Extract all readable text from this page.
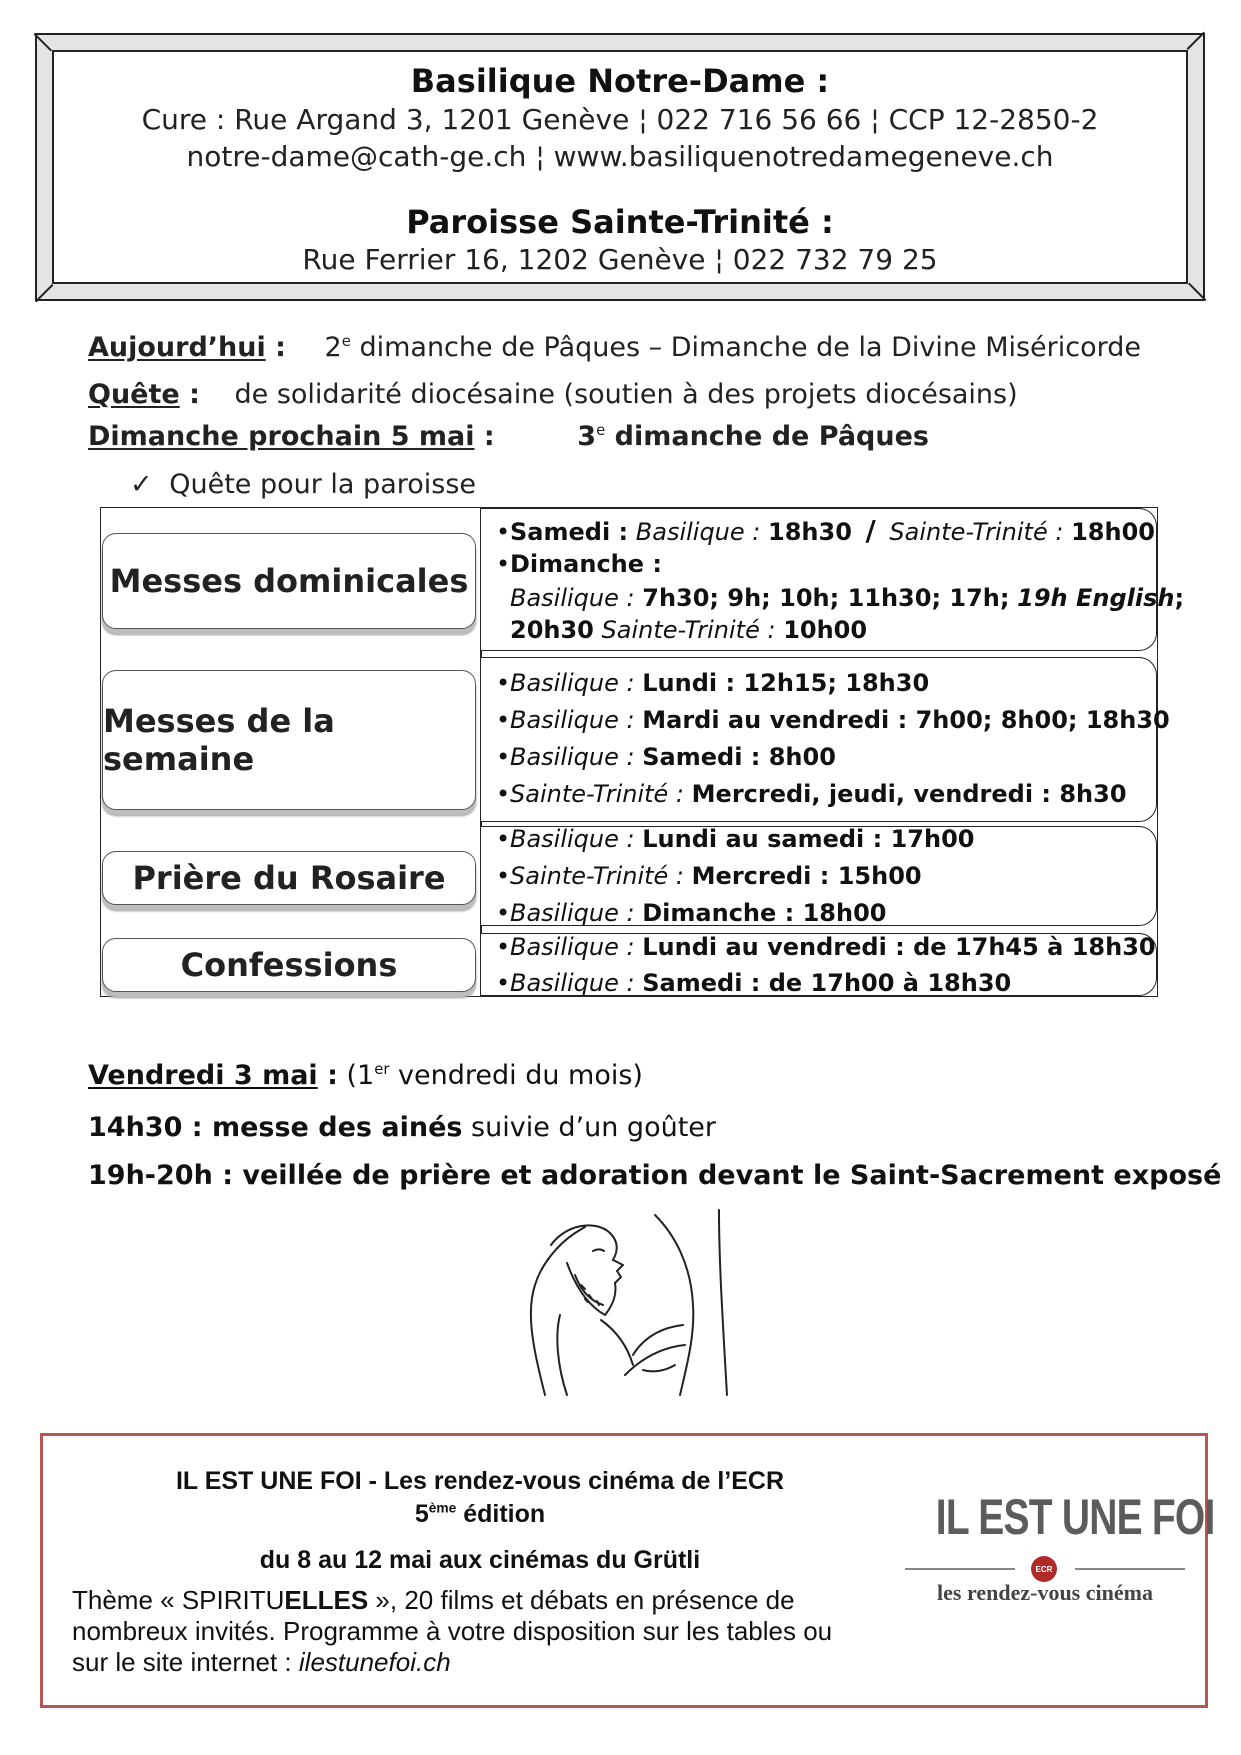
Basilique Notre-Dame :
Cure : Rue Argand 3, 1201 Genève ¦ 022 716 56 66 ¦ CCP 12-2850-2
notre-dame@cath-ge.ch ¦ www.basiliquenotredamegeneve.ch
Paroisse Sainte-Trinité :
Rue Ferrier 16, 1202 Genève ¦ 022 732 79 25
Aujourd’hui : 2e dimanche de Pâques – Dimanche de la Divine Miséricorde
Quête : de solidarité diocésaine (soutien à des projets diocésains)
Dimanche prochain 5 mai :	3e dimanche de Pâques
✓ Quête pour la paroisse
Messes dominicales
Messes de la semaine
Prière du Rosaire
Confessions
•Samedi : Basilique : 18h30 / Sainte-Trinité : 18h00
•Dimanche :
Basilique : 7h30; 9h; 10h; 11h30; 17h; 19h English;
20h30 Sainte-Trinité : 10h00
•Basilique : Lundi : 12h15; 18h30
•Basilique : Mardi au vendredi : 7h00; 8h00; 18h30
•Basilique : Samedi : 8h00
•Sainte-Trinité : Mercredi, jeudi, vendredi : 8h30
•Basilique : Lundi au samedi : 17h00
•Sainte-Trinité : Mercredi : 15h00
•Basilique : Dimanche : 18h00
•Basilique : Lundi au vendredi : de 17h45 à 18h30
•Basilique : Samedi : de 17h00 à 18h30
Vendredi 3 mai : (1er vendredi du mois)
14h30 : messe des ainés suivie d’un goûter
19h-20h : veillée de prière et adoration devant le Saint-Sacrement exposé
IL EST UNE FOI - Les rendez-vous cinéma de l’ECR
5ème édition
du 8 au 12 mai aux cinémas du Grütli
Thème « SPIRITUELLES », 20 films et débats en présence de
nombreux invités. Programme à votre disposition sur les tables ou
sur le site internet : ilestunefoi.ch
IL EST UNE FOI
ECR
les rendez-vous cinéma
